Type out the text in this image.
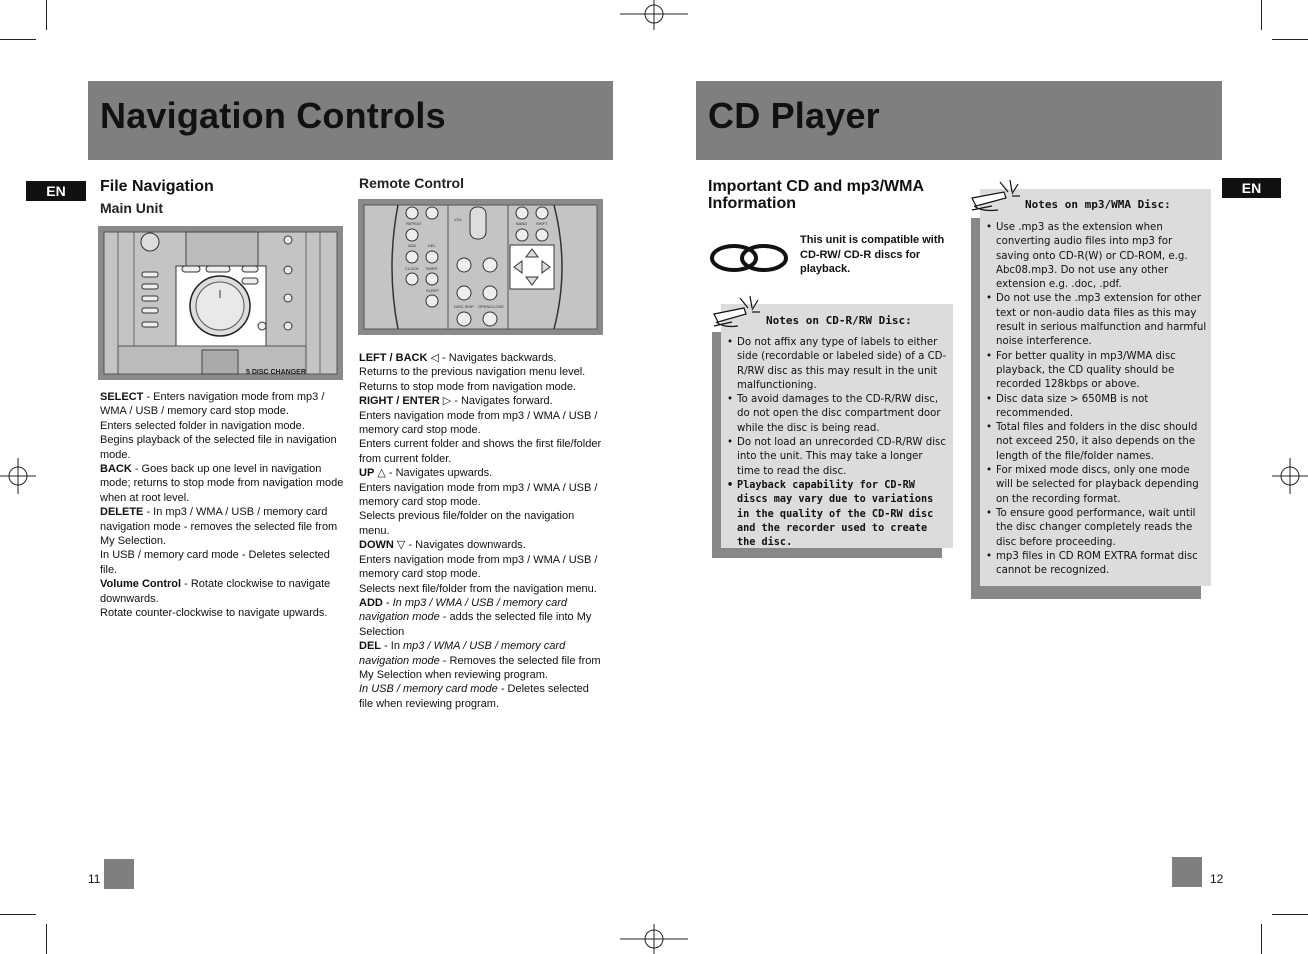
Navigation Controls
EN	File Navigation
Main Unit
5 DISC CHANGER

SELECT - Enters navigation mode from mp3 / WMA / USB / memory card stop mode.

Enters selected folder in navigation mode.

Begins playback of the selected file in navigation mode.

BACK - Goes back up one level in navigation mode; returns to stop mode from navigation mode when at root level.

DELETE - In mp3 / WMA / USB / memory card navigation mode - removes the selected file from My Selection.

In USB / memory card mode - Deletes selected file.

Volume Control - Rotate clockwise to navigate downwards.

Rotate counter-clockwise to navigate upwards.

Remote Control
REPEAT
ADD	DEL
CLOCK TIMER
SLEEP
VOL
BAND SHIFT
DISC SKIP OPEN/CLOSE

LEFT / BACK ◁ - Navigates backwards.

Returns to the previous navigation menu level.

Returns to stop mode from navigation mode.

RIGHT / ENTER ▷ - Navigates forward.

Enters navigation mode from mp3 / WMA / USB / memory card stop mode.

Enters current folder and shows the first file/folder from current folder.

UP △ - Navigates upwards.

Enters navigation mode from mp3 / WMA / USB / memory card stop mode.

Selects previous file/folder on the navigation menu.

DOWN ▽ - Navigates downwards.

Enters navigation mode from mp3 / WMA / USB / memory card stop mode.

Selects next file/folder from the navigation menu.

ADD - In mp3 / WMA / USB / memory card navigation mode - adds the selected file into My Selection

DEL - In mp3 / WMA / USB / memory card navigation mode - Removes the selected file from My Selection when reviewing program.

In USB / memory card mode - Deletes selected file when reviewing program.

11
CD Player
EN
Important CD and mp3/WMA
Information
This unit is compatible with CD-RW/ CD-R discs for playback.
Notes on CD-R/RW Disc:
• Do not affix any type of labels to either side (recordable or labeled side) of a CD-R/RW disc as this may result in the unit malfunctioning.
• To avoid damages to the CD-R/RW disc, do not open the disc compartment door while the disc is being read.
• Do not load an unrecorded CD-R/RW disc into the unit. This may take a longer time to read the disc.
• Playback capability for CD-RW discs may vary due to variations in the quality of the CD-RW disc and the recorder used to create the disc.
Notes on mp3/WMA Disc:
• Use .mp3 as the extension when converting audio files into mp3 for saving onto CD-R(W) or CD-ROM, e.g. Abc08.mp3. Do not use any other extension e.g. .doc, .pdf.
• Do not use the .mp3 extension for other text or non-audio data files as this may result in serious malfunction and harmful noise interference.
• For better quality in mp3/WMA disc playback, the CD quality should be recorded 128kbps or above.
• Disc data size > 650MB is not recommended.
• Total files and folders in the disc should not exceed 250, it also depends on the length of the file/folder names.
• For mixed mode discs, only one mode will be selected for playback depending on the recording format.
• To ensure good performance, wait until the disc changer completely reads the disc before proceeding.
• mp3 files in CD ROM EXTRA format disc cannot be recognized.
12
